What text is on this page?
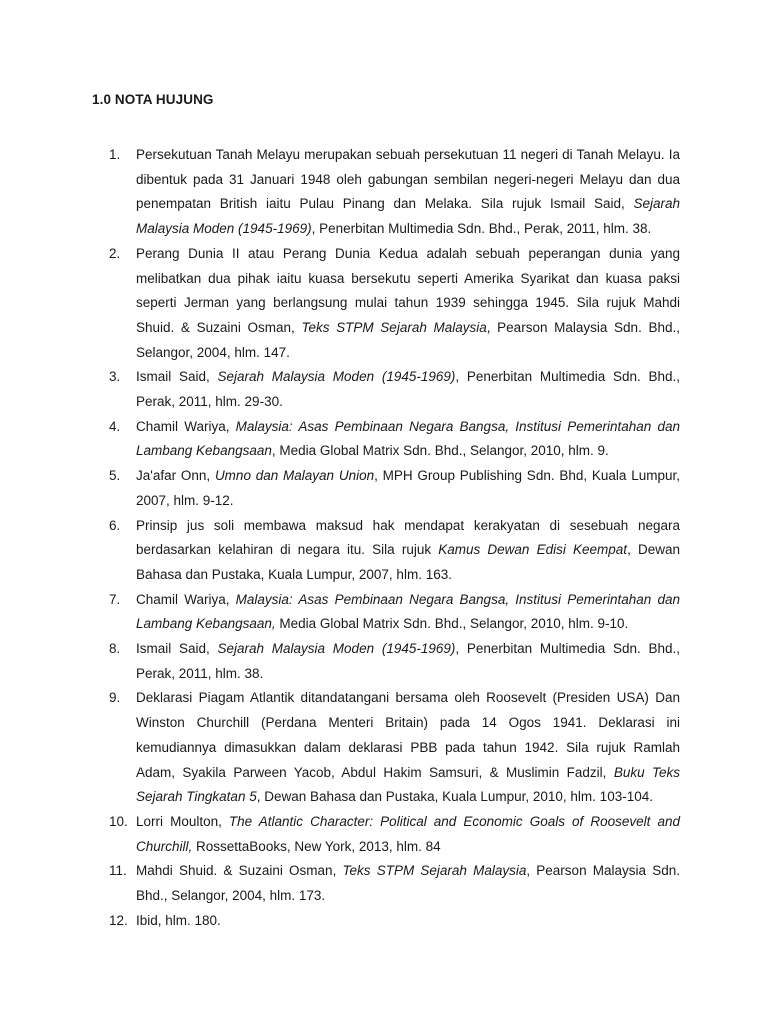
1.0 NOTA HUJUNG
1. Persekutuan Tanah Melayu merupakan sebuah persekutuan 11 negeri di Tanah Melayu. Ia dibentuk pada 31 Januari 1948 oleh gabungan sembilan negeri-negeri Melayu dan dua penempatan British iaitu Pulau Pinang dan Melaka. Sila rujuk Ismail Said, Sejarah Malaysia Moden (1945-1969), Penerbitan Multimedia Sdn. Bhd., Perak, 2011, hlm. 38.
2. Perang Dunia II atau Perang Dunia Kedua adalah sebuah peperangan dunia yang melibatkan dua pihak iaitu kuasa bersekutu seperti Amerika Syarikat dan kuasa paksi seperti Jerman yang berlangsung mulai tahun 1939 sehingga 1945. Sila rujuk Mahdi Shuid. & Suzaini Osman, Teks STPM Sejarah Malaysia, Pearson Malaysia Sdn. Bhd., Selangor, 2004, hlm. 147.
3. Ismail Said, Sejarah Malaysia Moden (1945-1969), Penerbitan Multimedia Sdn. Bhd., Perak, 2011, hlm. 29-30.
4. Chamil Wariya, Malaysia: Asas Pembinaan Negara Bangsa, Institusi Pemerintahan dan Lambang Kebangsaan, Media Global Matrix Sdn. Bhd., Selangor, 2010, hlm. 9.
5. Ja'afar Onn, Umno dan Malayan Union, MPH Group Publishing Sdn. Bhd, Kuala Lumpur, 2007, hlm. 9-12.
6. Prinsip jus soli membawa maksud hak mendapat kerakyatan di sesebuah negara berdasarkan kelahiran di negara itu. Sila rujuk Kamus Dewan Edisi Keempat, Dewan Bahasa dan Pustaka, Kuala Lumpur, 2007, hlm. 163.
7. Chamil Wariya, Malaysia: Asas Pembinaan Negara Bangsa, Institusi Pemerintahan dan Lambang Kebangsaan, Media Global Matrix Sdn. Bhd., Selangor, 2010, hlm. 9-10.
8. Ismail Said, Sejarah Malaysia Moden (1945-1969), Penerbitan Multimedia Sdn. Bhd., Perak, 2011, hlm. 38.
9. Deklarasi Piagam Atlantik ditandatangani bersama oleh Roosevelt (Presiden USA) Dan Winston Churchill (Perdana Menteri Britain) pada 14 Ogos 1941. Deklarasi ini kemudiannya dimasukkan dalam deklarasi PBB pada tahun 1942. Sila rujuk Ramlah Adam, Syakila Parween Yacob, Abdul Hakim Samsuri, & Muslimin Fadzil, Buku Teks Sejarah Tingkatan 5, Dewan Bahasa dan Pustaka, Kuala Lumpur, 2010, hlm. 103-104.
10. Lorri Moulton, The Atlantic Character: Political and Economic Goals of Roosevelt and Churchill, RossettaBooks, New York, 2013, hlm. 84
11. Mahdi Shuid. & Suzaini Osman, Teks STPM Sejarah Malaysia, Pearson Malaysia Sdn. Bhd., Selangor, 2004, hlm. 173.
12. Ibid, hlm. 180.
